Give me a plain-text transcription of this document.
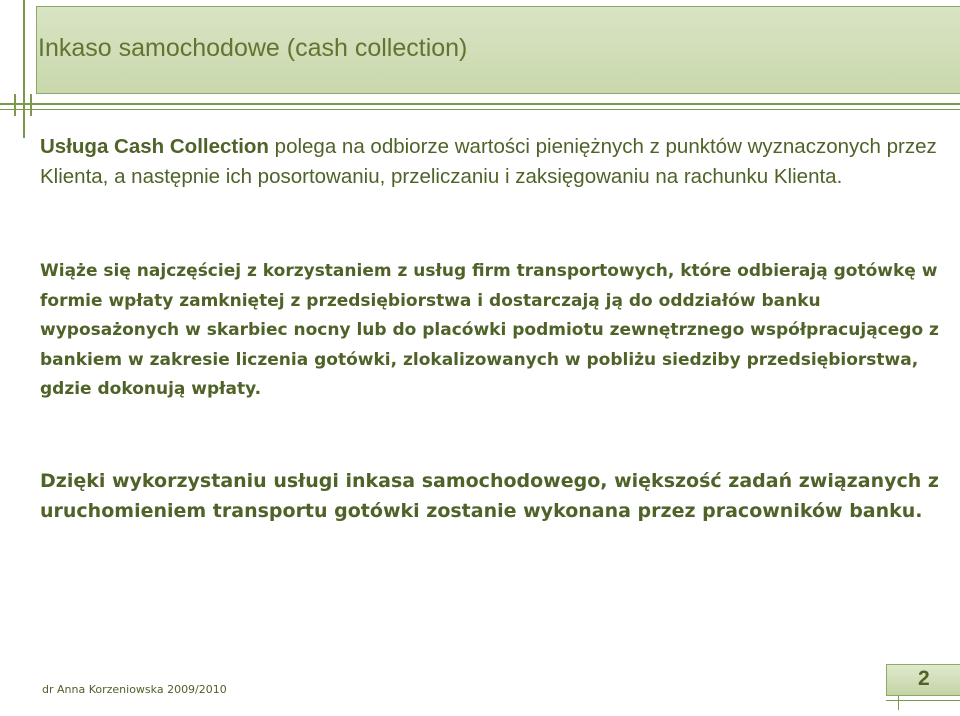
Inkaso samochodowe (cash collection)

Usługa Cash Collection polega na odbiorze wartości pieniężnych z punktów wyznaczonych przez Klienta, a następnie ich posortowaniu, przeliczaniu i zaksięgowaniu na rachunku Klienta.

Wiąże się najczęściej z korzystaniem z usług firm transportowych, które odbierają gotówkę w formie wpłaty zamkniętej z przedsiębiorstwa i dostarczają ją do oddziałów banku wyposażonych w skarbiec nocny lub do placówki podmiotu zewnętrznego współpracującego z bankiem w zakresie liczenia gotówki, zlokalizowanych w pobliżu siedziby przedsiębiorstwa, gdzie dokonują wpłaty.

Dzięki wykorzystaniu usługi inkasa samochodowego, większość zadań związanych z uruchomieniem transportu gotówki zostanie wykonana przez pracowników banku.

dr Anna Korzeniowska 2009/2010	2
